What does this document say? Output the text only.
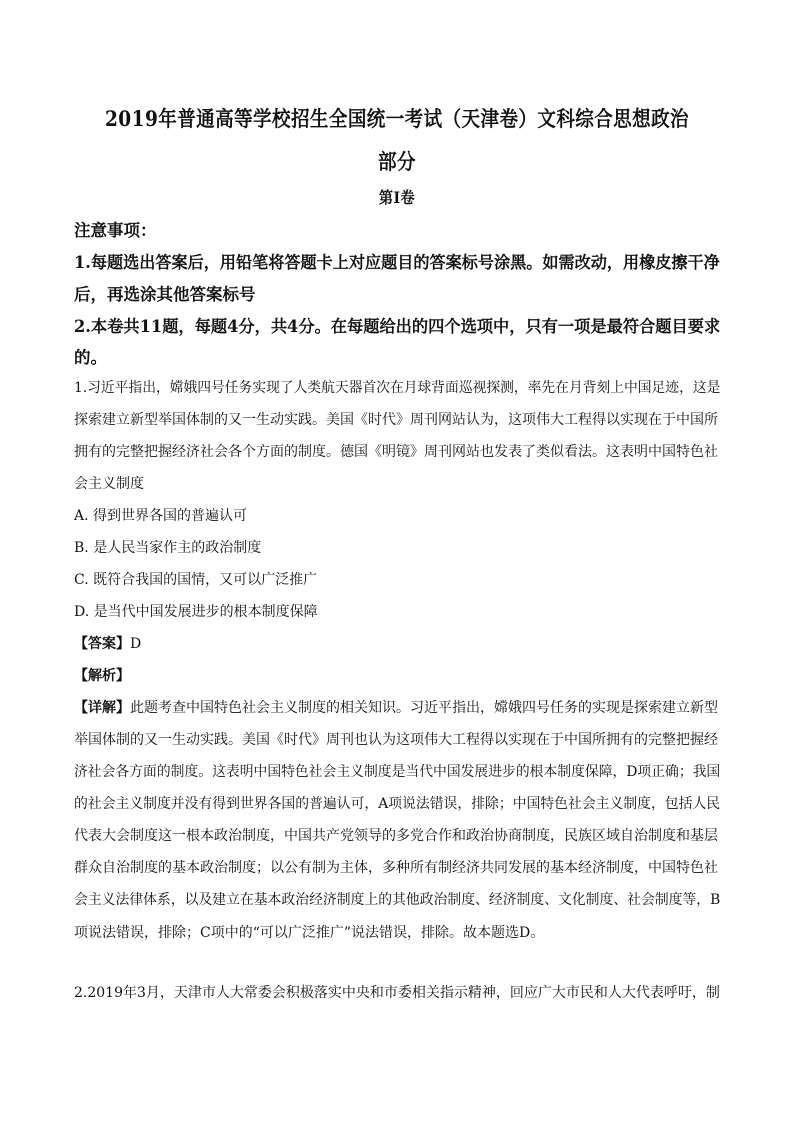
2019年普通高等学校招生全国统一考试（天津卷）文科综合思想政治
部分
第I卷
注意事项：
1.每题选出答案后，用铅笔将答题卡上对应题目的答案标号涂黑。如需改动，用橡皮擦干净
后，再选涂其他答案标号
2.本卷共11题，每题4分，共4分。在每题给出的四个选项中，只有一项是最符合题目要求
的。
1.习近平指出，嫦娥四号任务实现了人类航天器首次在月球背面巡视探测，率先在月背刻上中国足迹，这是
探索建立新型举国体制的又一生动实践。美国《时代》周刊网站认为，这项伟大工程得以实现在于中国所
拥有的完整把握经济社会各个方面的制度。德国《明镜》周刊网站也发表了类似看法。这表明中国特色社
会主义制度
A. 得到世界各国的普遍认可
B. 是人民当家作主的政治制度
C. 既符合我国的国情，又可以广泛推广
D. 是当代中国发展进步的根本制度保障
【答案】D
【解析】
【详解】此题考查中国特色社会主义制度的相关知识。习近平指出，嫦娥四号任务的实现是探索建立新型
举国体制的又一生动实践。美国《时代》周刊也认为这项伟大工程得以实现在于中国所拥有的完整把握经
济社会各方面的制度。这表明中国特色社会主义制度是当代中国发展进步的根本制度保障，D项正确；我国
的社会主义制度并没有得到世界各国的普遍认可，A项说法错误，排除；中国特色社会主义制度，包括人民
代表大会制度这一根本政治制度，中国共产党领导的多党合作和政治协商制度，民族区域自治制度和基层
群众自治制度的基本政治制度；以公有制为主体，多种所有制经济共同发展的基本经济制度，中国特色社
会主义法律体系，以及建立在基本政治经济制度上的其他政治制度、经济制度、文化制度、社会制度等，B
项说法错误，排除；C项中的“可以广泛推广”说法错误，排除。故本题选D。
2.2019年3月，天津市人大常委会积极落实中央和市委相关指示精神，回应广大市民和人大代表呼吁，制
